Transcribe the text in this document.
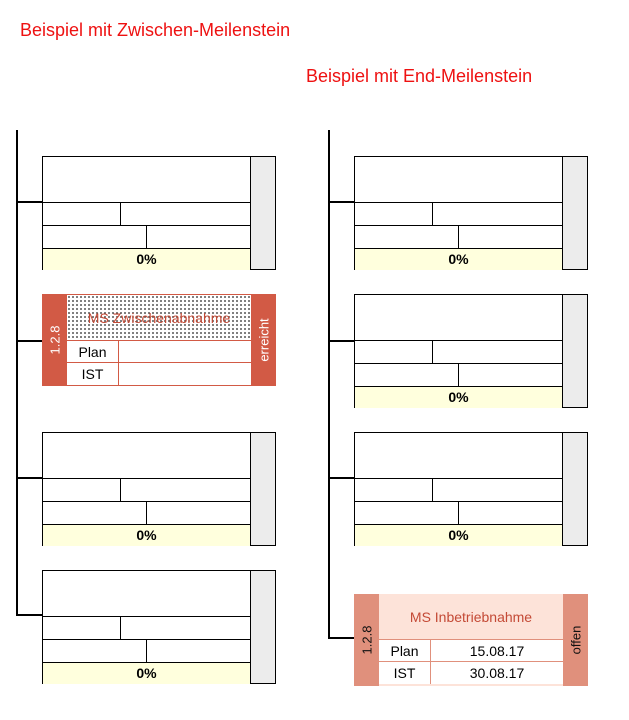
Beispiel mit Zwischen-Meilenstein
Beispiel mit End-Meilenstein
0%
1.2.8
MS Zwischenabnahme
Plan
IST
erreicht
0%
0%
0%
0%
0%
1.2.8
MS Inbetriebnahme
Plan	15.08.17
IST	30.08.17
offen
